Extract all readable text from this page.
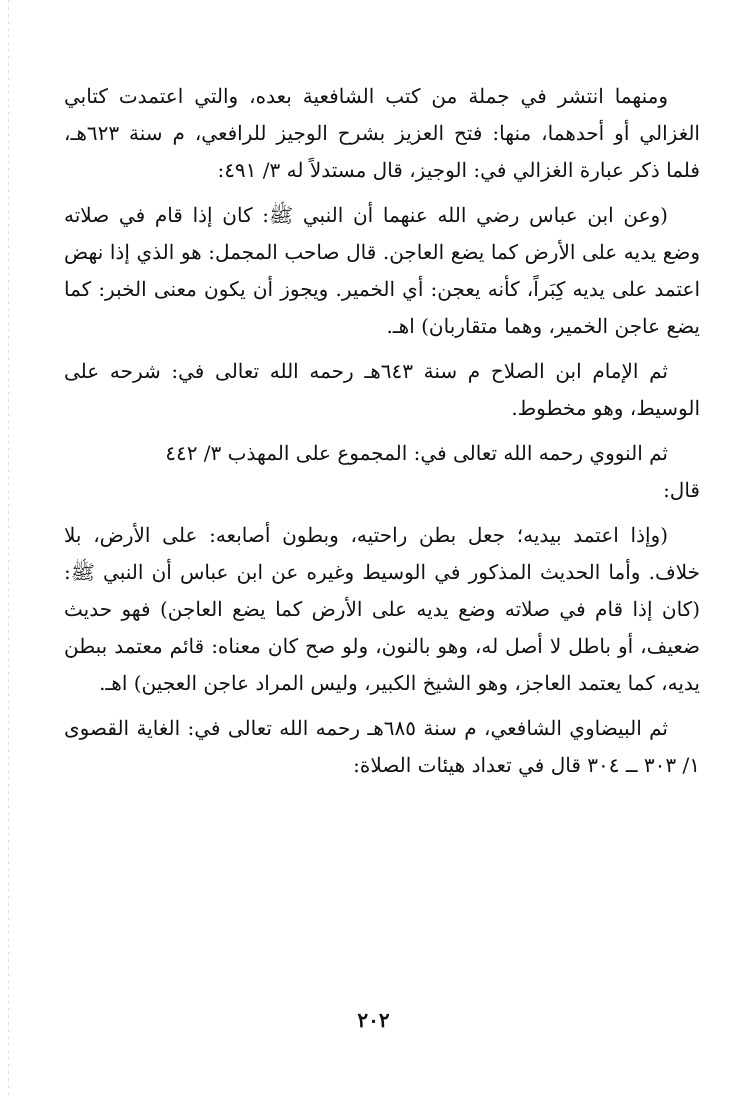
ومنهما انتشر في جملة من كتب الشافعية بعده، والتي اعتمدت كتابي الغزالي أو أحدهما، منها: فتح العزيز بشرح الوجيز للرافعي، م سنة ٦٢٣هـ، فلما ذكر عبارة الغزالي في: الوجيز، قال مستدلاً له ٣/ ٤٩١:

(وعن ابن عباس رضي الله عنهما أن النبي ﷺ: كان إذا قام في صلاته وضع يديه على الأرض كما يضع العاجن. قال صاحب المجمل: هو الذي إذا نهض اعتمد على يديه كِبَراً، كأنه يعجن: أي الخمير. ويجوز أن يكون معنى الخبر: كما يضع عاجن الخمير، وهما متقاربان) اهـ.

ثم الإمام ابن الصلاح م سنة ٦٤٣هـ رحمه الله تعالى في: شرحه على الوسيط، وهو مخطوط.

ثم النووي رحمه الله تعالى في: المجموع على المهذب ٣/ ٤٤٢

قال:

(وإذا اعتمد بيديه؛ جعل بطن راحتيه، وبطون أصابعه: على الأرض، بلا خلاف. وأما الحديث المذكور في الوسيط وغيره عن ابن عباس أن النبي ﷺ: (كان إذا قام في صلاته وضع يديه على الأرض كما يضع العاجن) فهو حديث ضعيف، أو باطل لا أصل له، وهو بالنون، ولو صح كان معناه: قائم معتمد ببطن يديه، كما يعتمد العاجز، وهو الشيخ الكبير، وليس المراد عاجن العجين) اهـ.

ثم البيضاوي الشافعي، م سنة ٦٨٥هـ رحمه الله تعالى في: الغاية القصوى ١/ ٣٠٣ ــ ٣٠٤ قال في تعداد هيئات الصلاة:

٢٠٢
